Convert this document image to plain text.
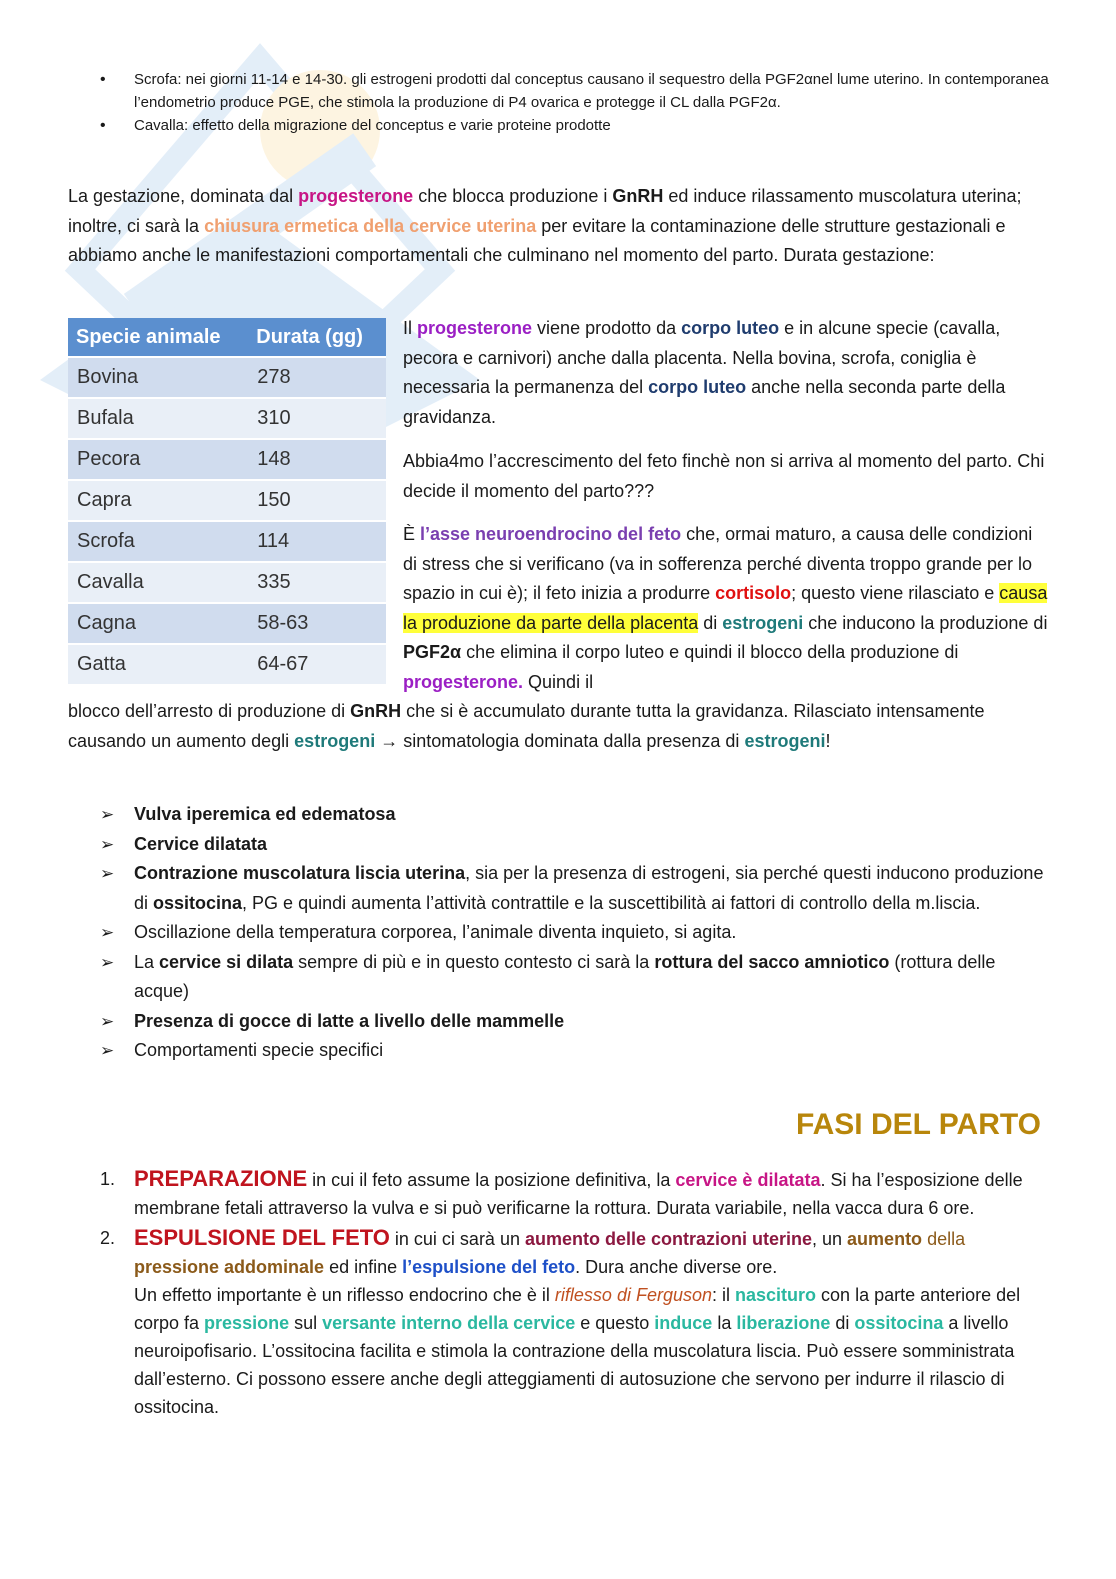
• Scrofa: nei giorni 11-14 e 14-30. gli estrogeni prodotti dal conceptus causano il sequestro della PGF2αnel lume uterino. In contemporanea l’endometrio produce PGE, che stimola la produzione di P4 ovarica e protegge il CL dalla PGF2α.
• Cavalla: effetto della migrazione del conceptus e varie proteine prodotte

La gestazione, dominata dal progesterone che blocca produzione i GnRH ed induce rilassamento muscolatura uterina; inoltre, ci sarà la chiusura ermetica della cervice uterina per evitare la contaminazione delle strutture gestazionali e abbiamo anche le manifestazioni comportamentali che culminano nel momento del parto. Durata gestazione:

Specie animale	Durata (gg)
Bovina	278
Bufala	310
Pecora	148
Capra	150
Scrofa	114
Cavalla	335
Cagna	58-63
Gatta	64-67

Il progesterone viene prodotto da corpo luteo e in alcune specie (cavalla, pecora e carnivori) anche dalla placenta. Nella bovina, scrofa, coniglia è necessaria la permanenza del corpo luteo anche nella seconda parte della gravidanza.

Abbia4mo l’accrescimento del feto finchè non si arriva al momento del parto. Chi decide il momento del parto???

È l’asse neuroendrocino del feto che, ormai maturo, a causa delle condizioni di stress che si verificano (va in sofferenza perché diventa troppo grande per lo spazio in cui è); il feto inizia a produrre cortisolo; questo viene rilasciato e causa la produzione da parte della placenta di estrogeni che inducono la produzione di PGF2α che elimina il corpo luteo e quindi il blocco della produzione di progesterone. Quindi il

blocco dell’arresto di produzione di GnRH che si è accumulato durante tutta la gravidanza. Rilasciato intensamente causando un aumento degli estrogeni → sintomatologia dominata dalla presenza di estrogeni!

➢ Vulva iperemica ed edematosa
➢ Cervice dilatata
➢ Contrazione muscolatura liscia uterina, sia per la presenza di estrogeni, sia perché questi inducono produzione di ossitocina, PG e quindi aumenta l’attività contrattile e la suscettibilità ai fattori di controllo della m.liscia.
➢ Oscillazione della temperatura corporea, l’animale diventa inquieto, si agita.
➢ La cervice si dilata sempre di più e in questo contesto ci sarà la rottura del sacco amniotico (rottura delle acque)
➢ Presenza di gocce di latte a livello delle mammelle
➢ Comportamenti specie specifici
FASI DEL PARTO
1. PREPARAZIONE in cui il feto assume la posizione definitiva, la cervice è dilatata. Si ha l’esposizione delle membrane fetali attraverso la vulva e si può verificarne la rottura. Durata variabile, nella vacca dura 6 ore.
2. ESPULSIONE DEL FETO in cui ci sarà un aumento delle contrazioni uterine, un aumento della pressione addominale ed infine l’espulsione del feto. Dura anche diverse ore.
Un effetto importante è un riflesso endocrino che è il riflesso di Ferguson: il nascituro con la parte anteriore del corpo fa pressione sul versante interno della cervice e questo induce la liberazione di ossitocina a livello neuroipofisario. L’ossitocina facilita e stimola la contrazione della muscolatura liscia. Può essere somministrata dall’esterno. Ci possono essere anche degli atteggiamenti di autosuzione che servono per indurre il rilascio di ossitocina.
